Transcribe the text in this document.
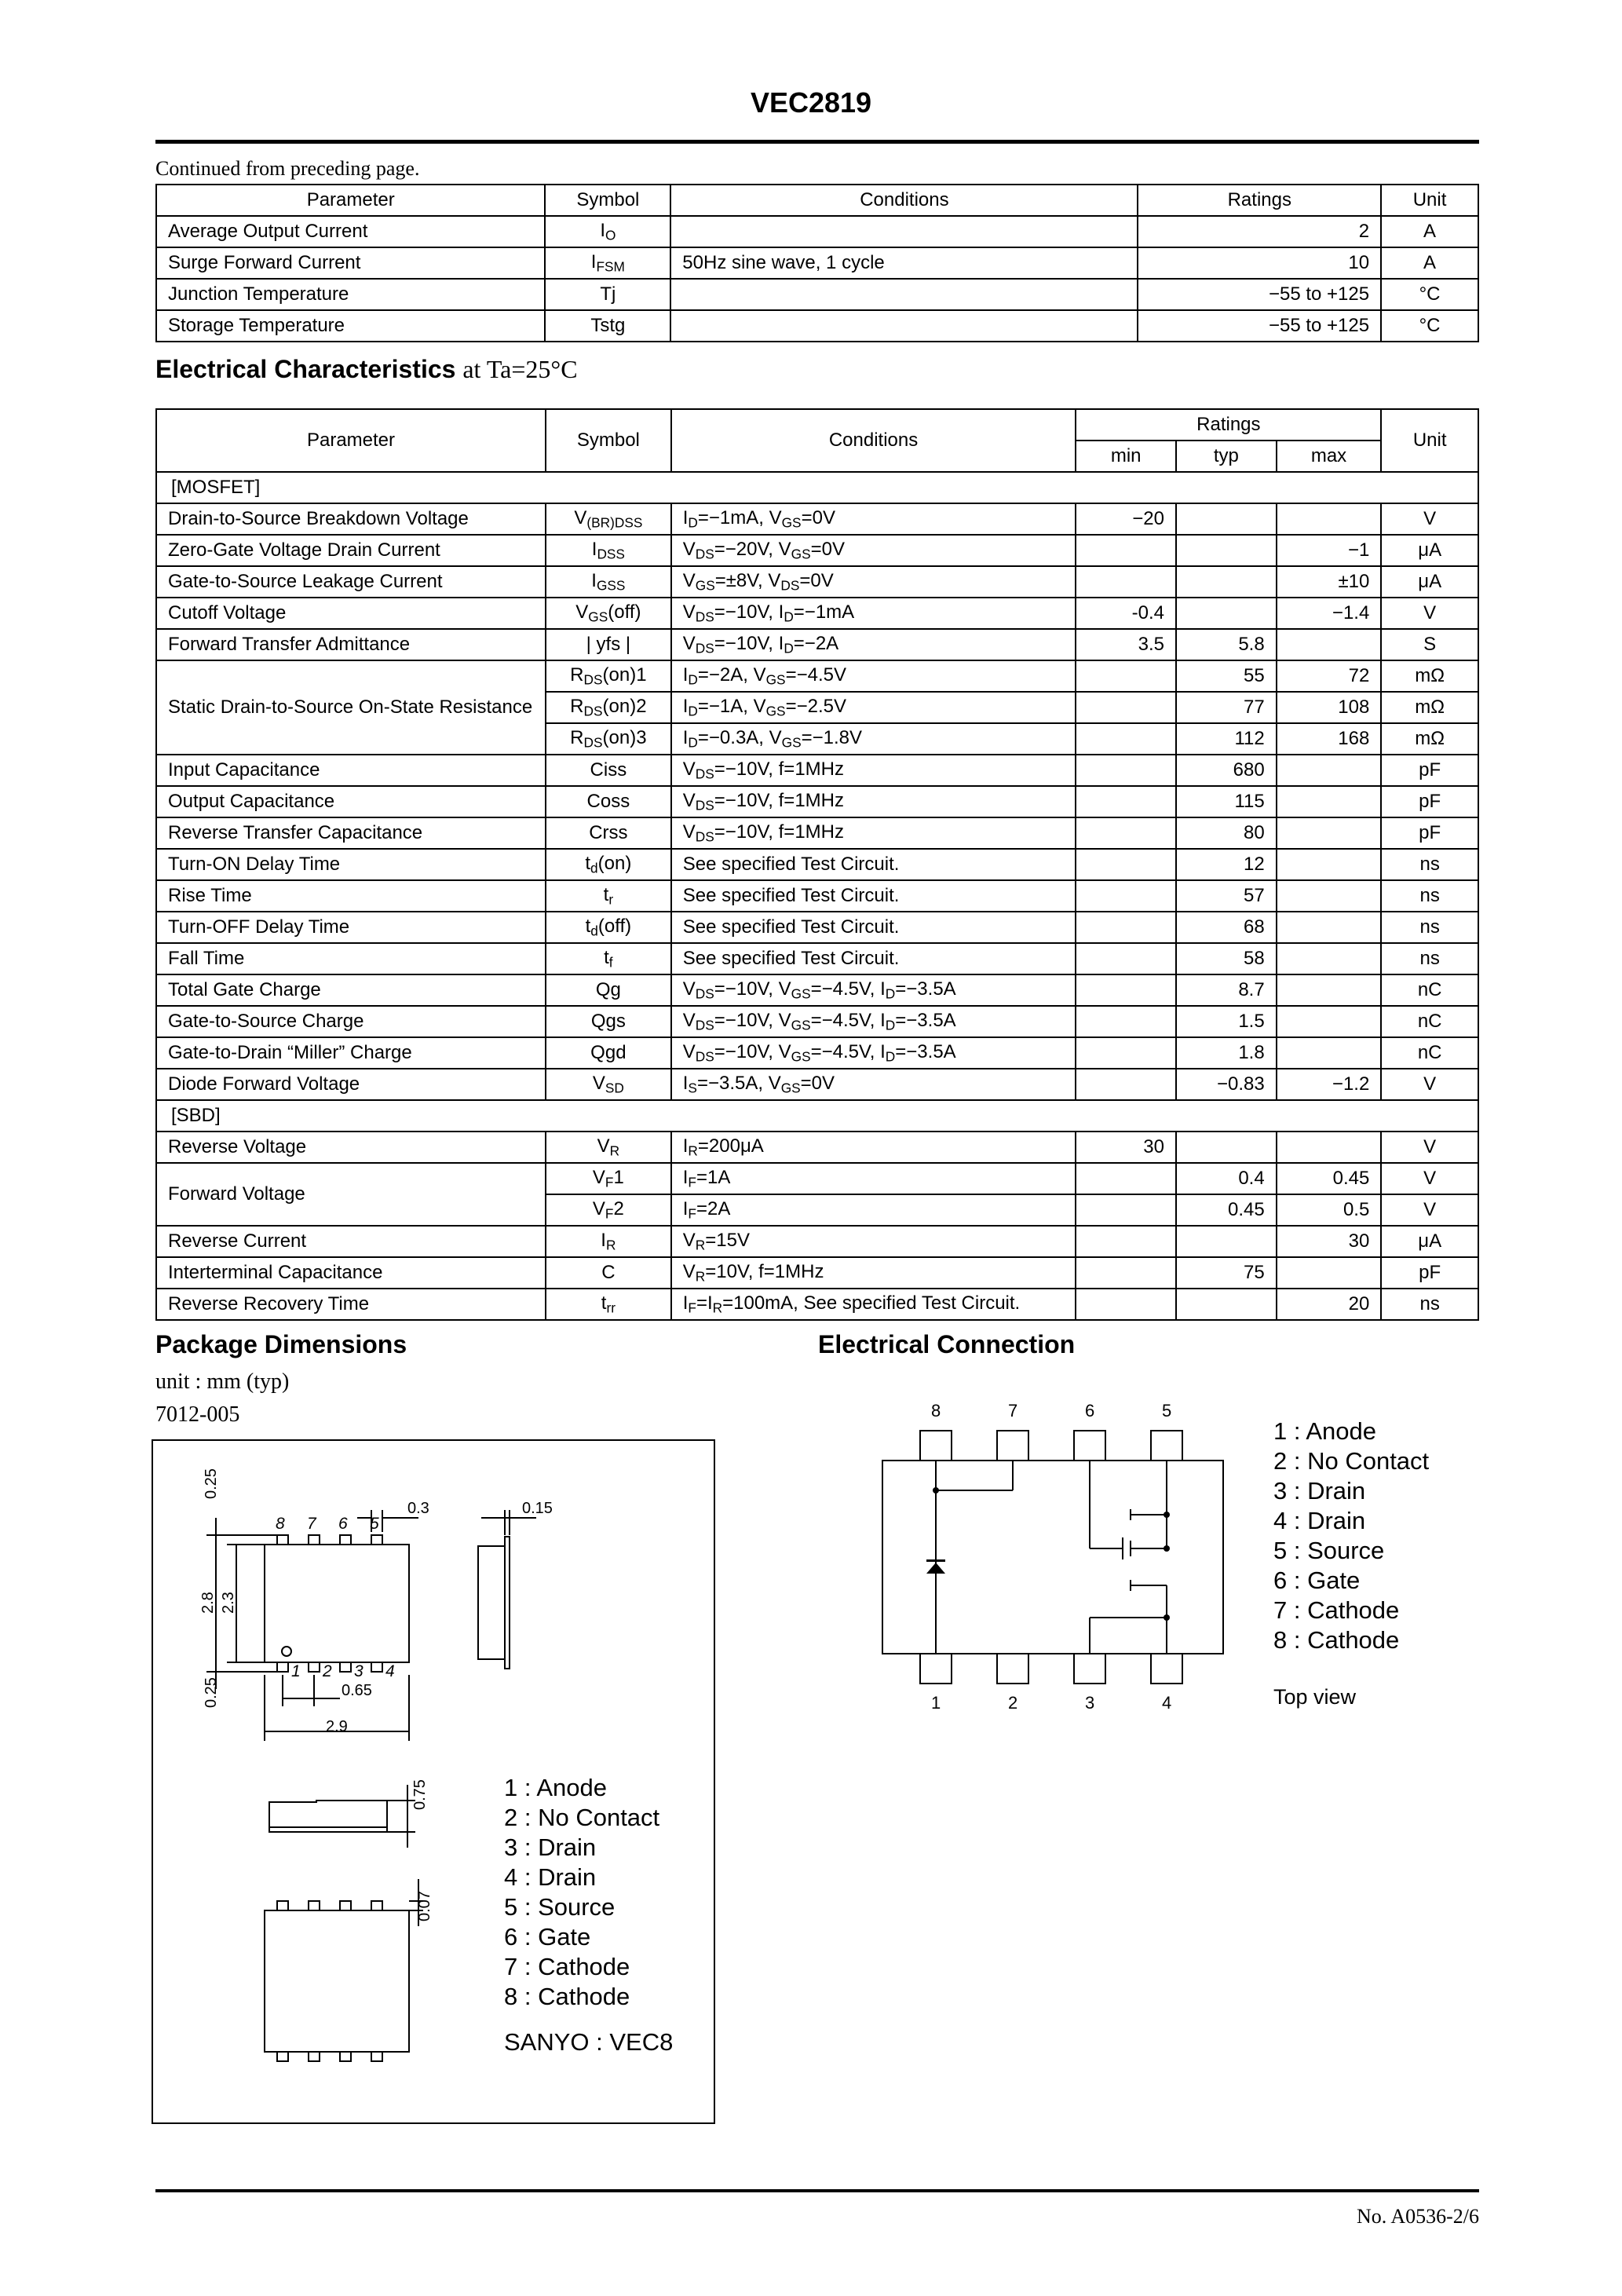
VEC2819
Continued from preceding page.
Parameter	Symbol	Conditions	Ratings	Unit
Average Output Current	$I_O$		2	A
Surge Forward Current	$I_{FSM}$	50Hz sine wave, 1 cycle	10	A
Junction Temperature	Tj		−55 to +125	°C
Storage Temperature	Tstg		−55 to +125	°C
Electrical Characteristics at Ta=25°C
Parameter	Symbol	Conditions	Ratings			Unit
			min	typ	max	
[MOSFET]						
Drain-to-Source Breakdown Voltage	$V_{(BR)DSS}$	$I_D=-1mA$, $V_{GS}=0V$	−20			V
Zero-Gate Voltage Drain Current	$I_{DSS}$	$V_{DS}=-20V$, $V_{GS}=0V$			−1	μA
Gate-to-Source Leakage Current	$I_{GSS}$	$V_{GS}=\pm 8V$, $V_{DS}=0V$			±10	μA
Cutoff Voltage	$V_{GS}(off)$	$V_{DS}=-10V$, $I_D=-1mA$	-0.4		−1.4	V
Forward Transfer Admittance	| yfs |	$V_{DS}=-10V$, $I_D=-2A$	3.5	5.8		S
Static Drain-to-Source On-State Resistance	$R_{DS}(on)1$	$I_D=-2A$, $V_{GS}=-4.5V$		55	72	mΩ
	$R_{DS}(on)2$	$I_D=-1A$, $V_{GS}=-2.5V$		77	108	mΩ
	$R_{DS}(on)3$	$I_D=-0.3A$, $V_{GS}=-1.8V$		112	168	mΩ
Input Capacitance	Ciss	$V_{DS}=-10V$, f=1MHz		680		pF
Output Capacitance	Coss	$V_{DS}=-10V$, f=1MHz		115		pF
Reverse Transfer Capacitance	Crss	$V_{DS}=-10V$, f=1MHz		80		pF
Turn-ON Delay Time	$t_d(on)$	See specified Test Circuit.		12		ns
Rise Time	$t_r$	See specified Test Circuit.		57		ns
Turn-OFF Delay Time	$t_d(off)$	See specified Test Circuit.		68		ns
Fall Time	$t_f$	See specified Test Circuit.		58		ns
Total Gate Charge	Qg	$V_{DS}=-10V$, $V_{GS}=-4.5V$, $I_D=-3.5A$		8.7		nC
Gate-to-Source Charge	Qgs	$V_{DS}=-10V$, $V_{GS}=-4.5V$, $I_D=-3.5A$		1.5		nC
Gate-to-Drain “Miller” Charge	Qgd	$V_{DS}=-10V$, $V_{GS}=-4.5V$, $I_D=-3.5A$		1.8		nC
Diode Forward Voltage	$V_{SD}$	$I_S=-3.5A$, $V_{GS}=0V$		−0.83	−1.2	V
[SBD]						
Reverse Voltage	$V_R$	$I_R=200\mu A$	30			V
Forward Voltage	$V_F1$	$I_F=1A$		0.4	0.45	V
	$V_F2$	$I_F=2A$		0.45	0.5	V
Reverse Current	$I_R$	$V_R=15V$			30	μA
Interterminal Capacitance	C	$V_R=10V$, f=1MHz		75		pF
Reverse Recovery Time	$t_{rr}$	$I_F=I_R=100mA$, See specified Test Circuit.			20	ns
Package Dimensions
unit : mm (typ)
7012-005
0.25
0.3	0.15
2.8 2.3
0.25	0.65
2.9
0.75
0.07
8 7 6 5
1 2 3 4
1 : Anode
2 : No Contact
3 : Drain
4 : Drain
5 : Source
6 : Gate
7 : Cathode
8 : Cathode
SANYO : VEC8
Electrical Connection
8	7	6	5
1	2	3	4
1 : Anode
2 : No Contact
3 : Drain
4 : Drain
5 : Source
6 : Gate
7 : Cathode
8 : Cathode
Top view
No. A0536-2/6
